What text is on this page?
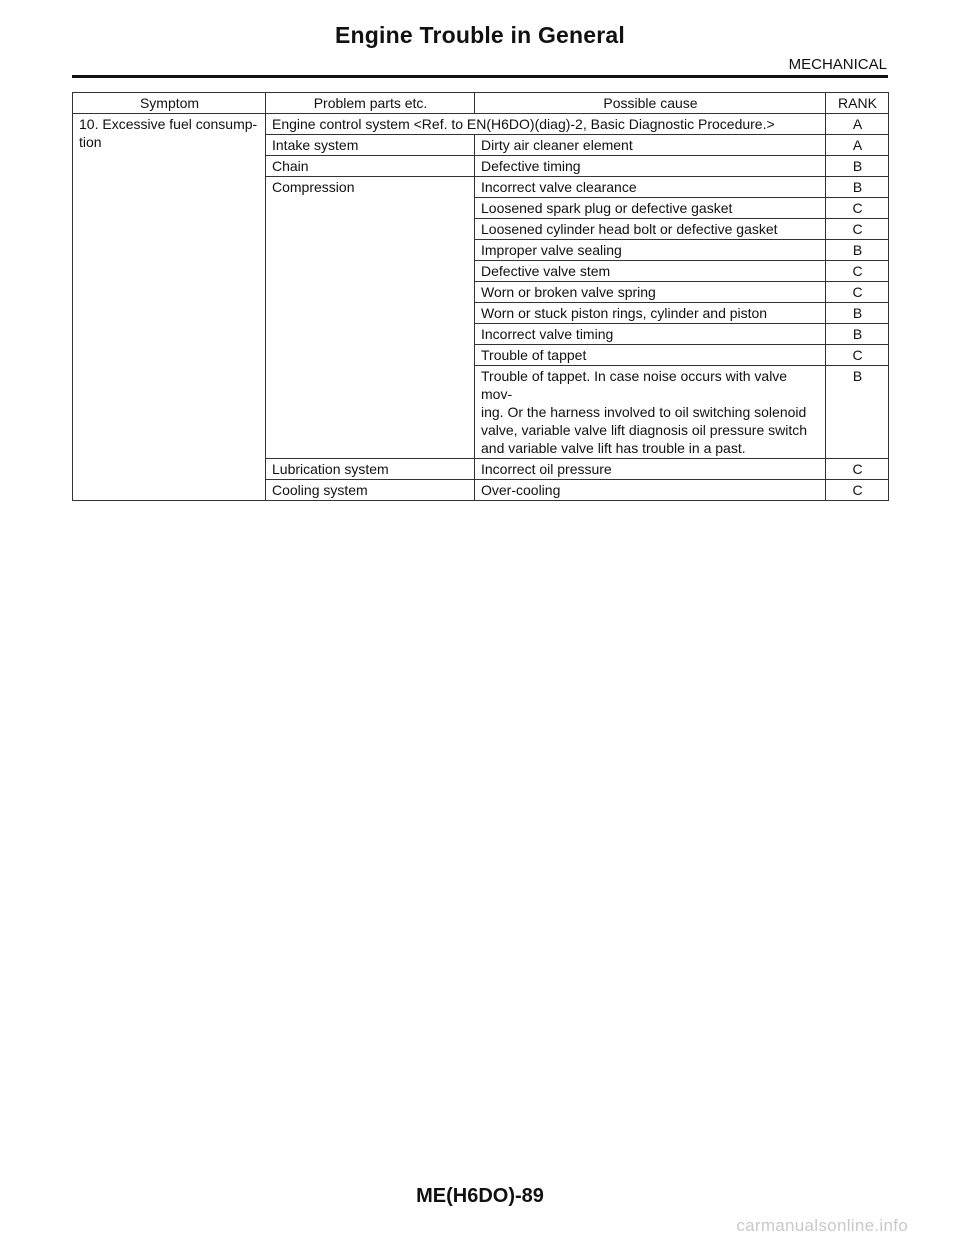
Engine Trouble in General
MECHANICAL
Symptom	Problem parts etc.	Possible cause	RANK
10. Excessive fuel consump-
tion	Engine control system <Ref. to EN(H6DO)(diag)-2, Basic Diagnostic Procedure.>		A
	Intake system	Dirty air cleaner element	A
	Chain	Defective timing	B
	Compression	Incorrect valve clearance	B
		Loosened spark plug or defective gasket	C
		Loosened cylinder head bolt or defective gasket	C
		Improper valve sealing	B
		Defective valve stem	C
		Worn or broken valve spring	C
		Worn or stuck piston rings, cylinder and piston	B
		Incorrect valve timing	B
		Trouble of tappet	C
		Trouble of tappet. In case noise occurs with valve mov-
ing. Or the harness involved to oil switching solenoid
valve, variable valve lift diagnosis oil pressure switch
and variable valve lift has trouble in a past.	B
	Lubrication system	Incorrect oil pressure	C
	Cooling system	Over-cooling	C
ME(H6DO)-89
carmanualsonline.info
